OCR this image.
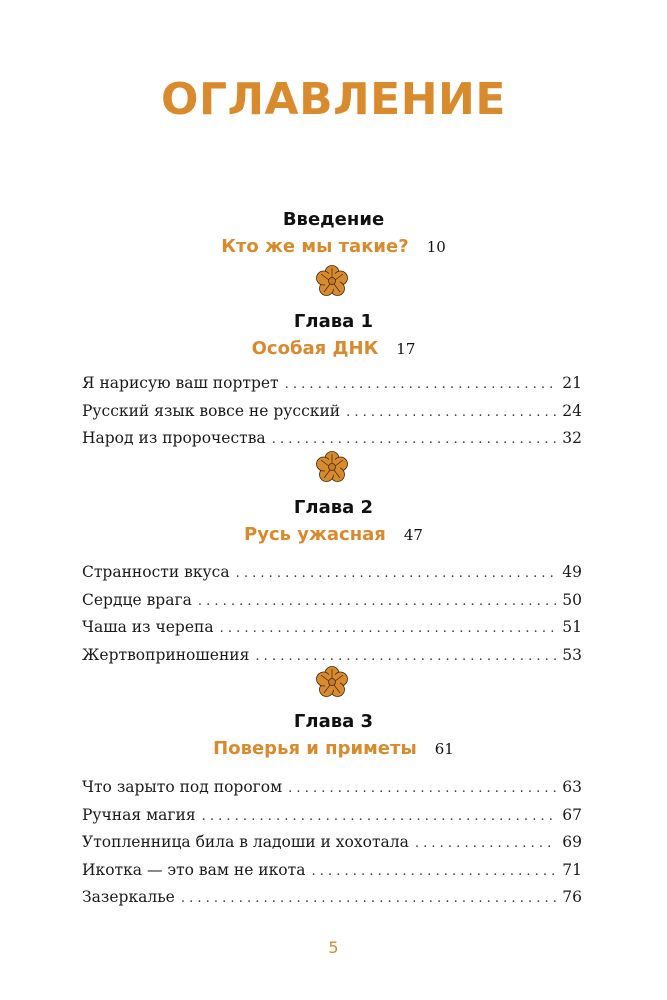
ОГЛАВЛЕНИЕ
Введение
Кто же мы такие? 10
Глава 1
Особая ДНК 17
Я нарисую ваш портрет . . .	21
Русский язык вовсе не русский . . .	24
Народ из пророчества . . .	32
Глава 2
Русь ужасная 47
Странности вкуса . . .	49
Сердце врага . . .	50
Чаша из черепа . . .	51
Жертвоприношения . . .	53
Глава 3
Поверья и приметы 61
Что зарыто под порогом . . .	63
Ручная магия . . .	67
Утопленница била в ладоши и хохотала . . .	69
Икотка — это вам не икота . . .	71
Зазеркалье . . .	76
5
